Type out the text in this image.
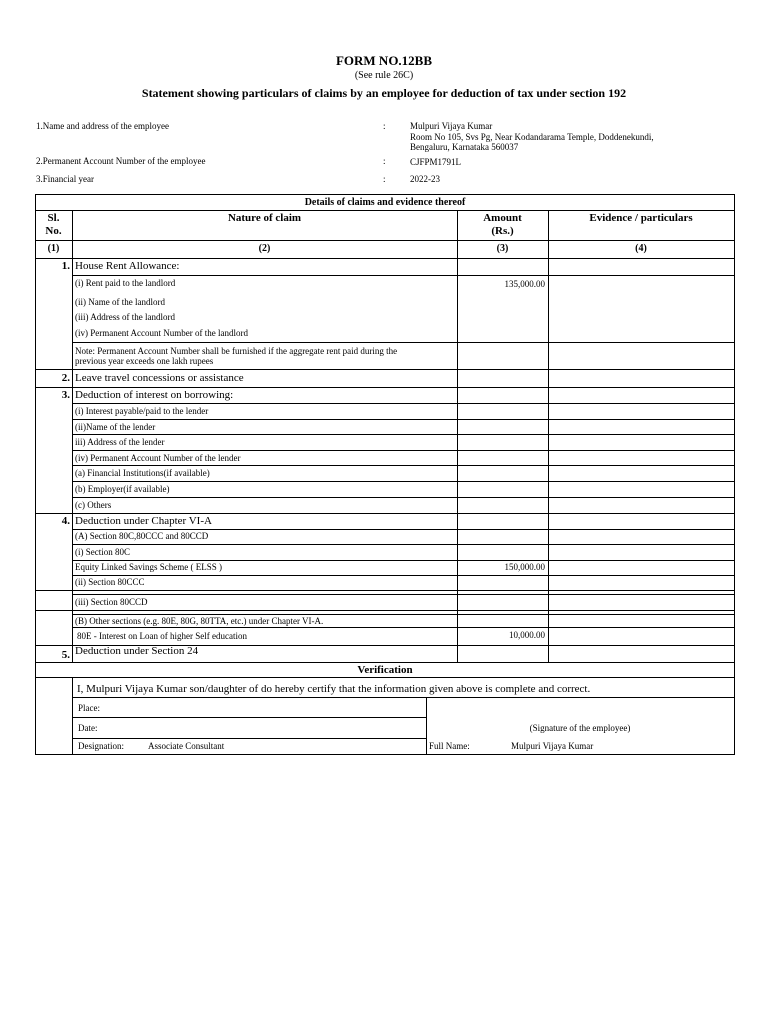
FORM NO.12BB
(See rule 26C)
Statement showing particulars of claims by an employee for deduction of tax under section 192
1.Name and address of the employee	:	Mulpuri Vijaya Kumar
Room No 105, Svs Pg, Near Kodandarama Temple, Doddenekundi,
Bengaluru, Karnataka 560037
2.Permanent Account Number of the employee	:	CJFPM1791L
3.Financial year	:	2022-23
Details of claims and evidence thereof
Sl.
No.
Nature of claim	Amount
(Rs.)
Evidence / particulars
(1)	(2)	(3)	(4)
1. House Rent Allowance:
(i) Rent paid to the landlord	135,000.00
(ii) Name of the landlord
(iii) Address of the landlord
(iv) Permanent Account Number of the landlord
Note: Permanent Account Number shall be furnished if the aggregate rent paid during the
previous year exceeds one lakh rupees
2. Leave travel concessions or assistance
3. Deduction of interest on borrowing:
(i) Interest payable/paid to the lender
(ii)Name of the lender
iii) Address of the lender
(iv) Permanent Account Number of the lender
(a) Financial Institutions(if available)
(b) Employer(if available)
(c) Others
4. Deduction under Chapter VI-A
(A) Section 80C,80CCC and 80CCD
(i) Section 80C
Equity Linked Savings Scheme ( ELSS )	150,000.00
(ii) Section 80CCC
(iii) Section 80CCD
(B) Other sections (e.g. 80E, 80G, 80TTA, etc.) under Chapter VI-A.
80E - Interest on Loan of higher Self education	10,000.00
5. Deduction under Section 24
Verification
I, Mulpuri Vijaya Kumar son/daughter of do hereby certify that the information given above is complete and correct.
Place:
Date:	(Signature of the employee)
Designation:	Associate Consultant	Full Name:	Mulpuri Vijaya Kumar
